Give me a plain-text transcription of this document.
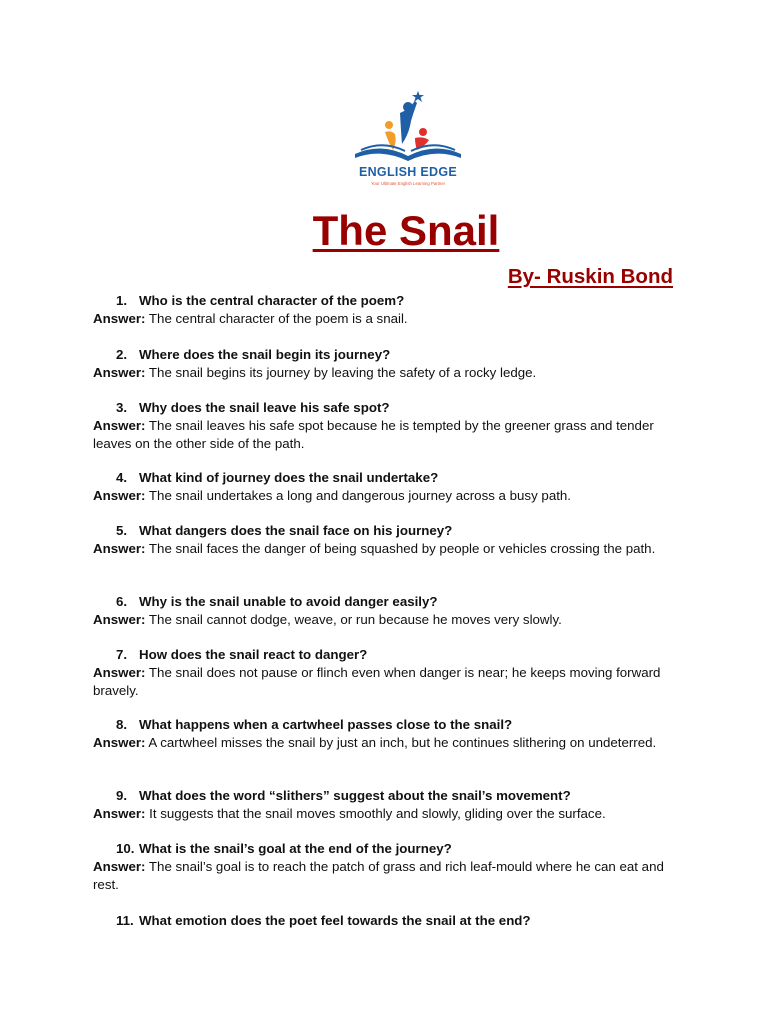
ENGLISH EDGE
Your Ultimate English Learning Partner
The Snail

By- Ruskin Bond

1. Who is the central character of the poem?
Answer: The central character of the poem is a snail.
2. Where does the snail begin its journey?
Answer: The snail begins its journey by leaving the safety of a rocky ledge.
3. Why does the snail leave his safe spot?
Answer: The snail leaves his safe spot because he is tempted by the greener grass and tender leaves on the other side of the path.
4. What kind of journey does the snail undertake?
Answer: The snail undertakes a long and dangerous journey across a busy path.
5. What dangers does the snail face on his journey?
Answer: The snail faces the danger of being squashed by people or vehicles crossing the path.
6. Why is the snail unable to avoid danger easily?
Answer: The snail cannot dodge, weave, or run because he moves very slowly.
7. How does the snail react to danger?
Answer: The snail does not pause or flinch even when danger is near; he keeps moving forward bravely.
8. What happens when a cartwheel passes close to the snail?
Answer: A cartwheel misses the snail by just an inch, but he continues slithering on undeterred.
9. What does the word “slithers” suggest about the snail’s movement?
Answer: It suggests that the snail moves smoothly and slowly, gliding over the surface.
10. What is the snail’s goal at the end of the journey?
Answer: The snail’s goal is to reach the patch of grass and rich leaf-mould where he can eat and rest.
11. What emotion does the poet feel towards the snail at the end?
